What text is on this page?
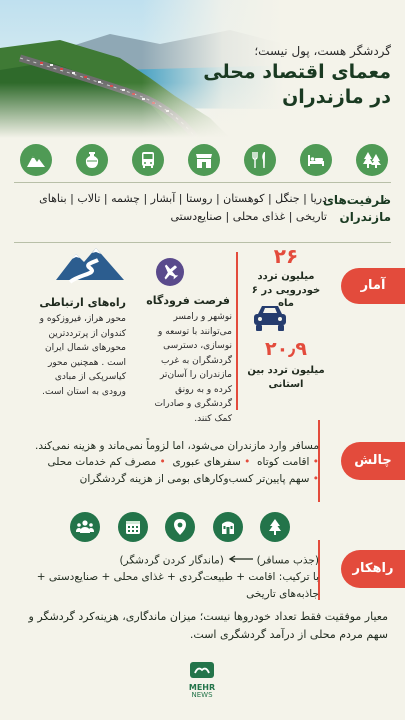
گردشگر هست، پول نیست؛
معمای اقتصاد محلی
در مازندران
ظرفیت‌های
مازندران
دریا | جنگل | کوهستان | روستا | آبشار | چشمه | تالاب | بناهای تاریخی | غذای محلی | صنایع‌دستی
آمار
۲۶
میلیون تردد خودرویی در ۶ ماه
۲۰٫۹
میلیون تردد بین استانی
فرصت فرودگاه
نوشهر و رامسر می‌توانند با توسعه و نوسازی، دسترسی گردشگران به غرب مازندران را آسان‌تر کرده و به رونق گردشگری و صادرات کمک کنند.
راه‌های ارتباطی
محور هراز، فیروزکوه و کندوان از پرترددترین محورهای شمال ایران است . همچنین محور کیاسرپکی از مبادی ورودی به استان است.
چالش
مسافر وارد مازندران می‌شود، اما لزوماً نمی‌ماند و هزینه نمی‌کند.
• اقامت کوتاه  • سفرهای عبوری  • مصرف کم خدمات محلی
• سهم پایین‌تر کسب‌وکارهای بومی از هزینه گردشگران
راهکار
(جذب مسافر)  (ماندگار کردن گردشگر)
با ترکیب: اقامت + طبیعت‌گردی + غذای محلی + صنایع‌دستی + جاذبه‌های تاریخی
معیار موفقیت فقط تعداد خودروها نیست؛ میزان ماندگاری، هزینه‌کرد گردشگر و سهم مردم محلی از درآمد گردشگری است.
MEHR
NEWS
